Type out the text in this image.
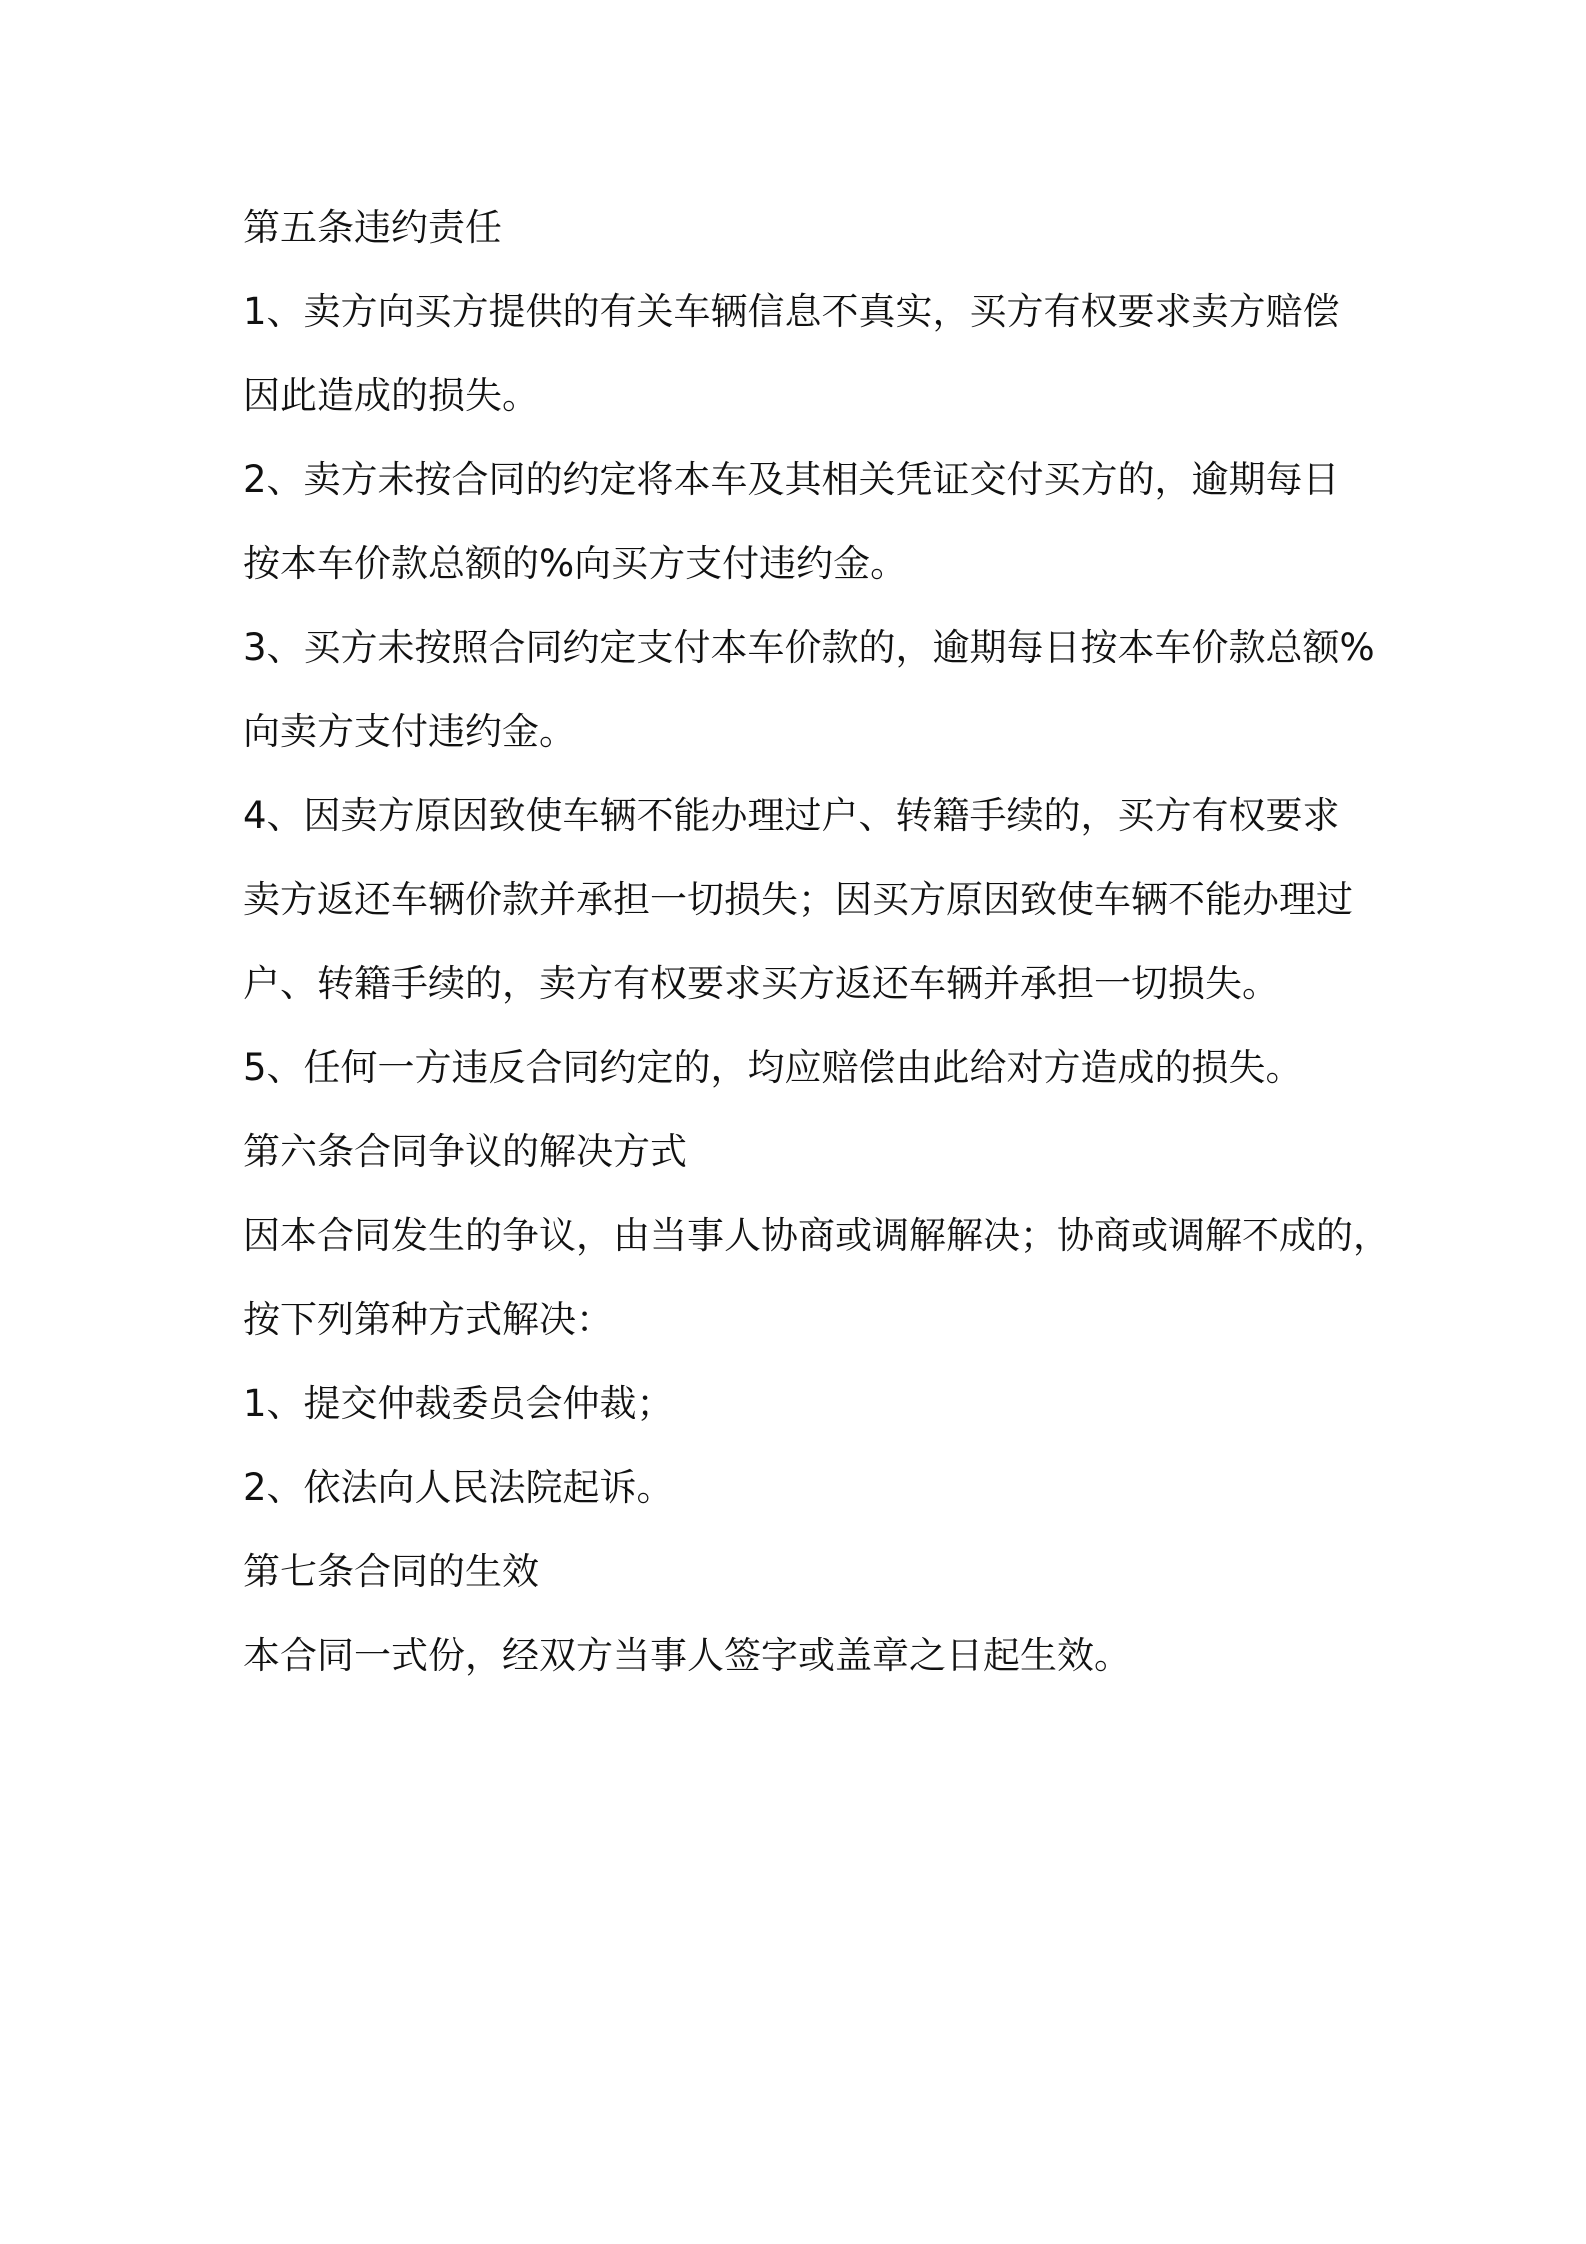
第五条违约责任
1、卖方向买方提供的有关车辆信息不真实，买方有权要求卖方赔偿
因此造成的损失。
2、卖方未按合同的约定将本车及其相关凭证交付买方的，逾期每日
按本车价款总额的%向买方支付违约金。
3、买方未按照合同约定支付本车价款的，逾期每日按本车价款总额%
向卖方支付违约金。
4、因卖方原因致使车辆不能办理过户、转籍手续的，买方有权要求
卖方返还车辆价款并承担一切损失；因买方原因致使车辆不能办理过
户、转籍手续的，卖方有权要求买方返还车辆并承担一切损失。
5、任何一方违反合同约定的，均应赔偿由此给对方造成的损失。
第六条合同争议的解决方式
因本合同发生的争议，由当事人协商或调解解决；协商或调解不成的，
按下列第种方式解决：
1、提交仲裁委员会仲裁；
2、依法向人民法院起诉。
第七条合同的生效
本合同一式份，经双方当事人签字或盖章之日起生效。
